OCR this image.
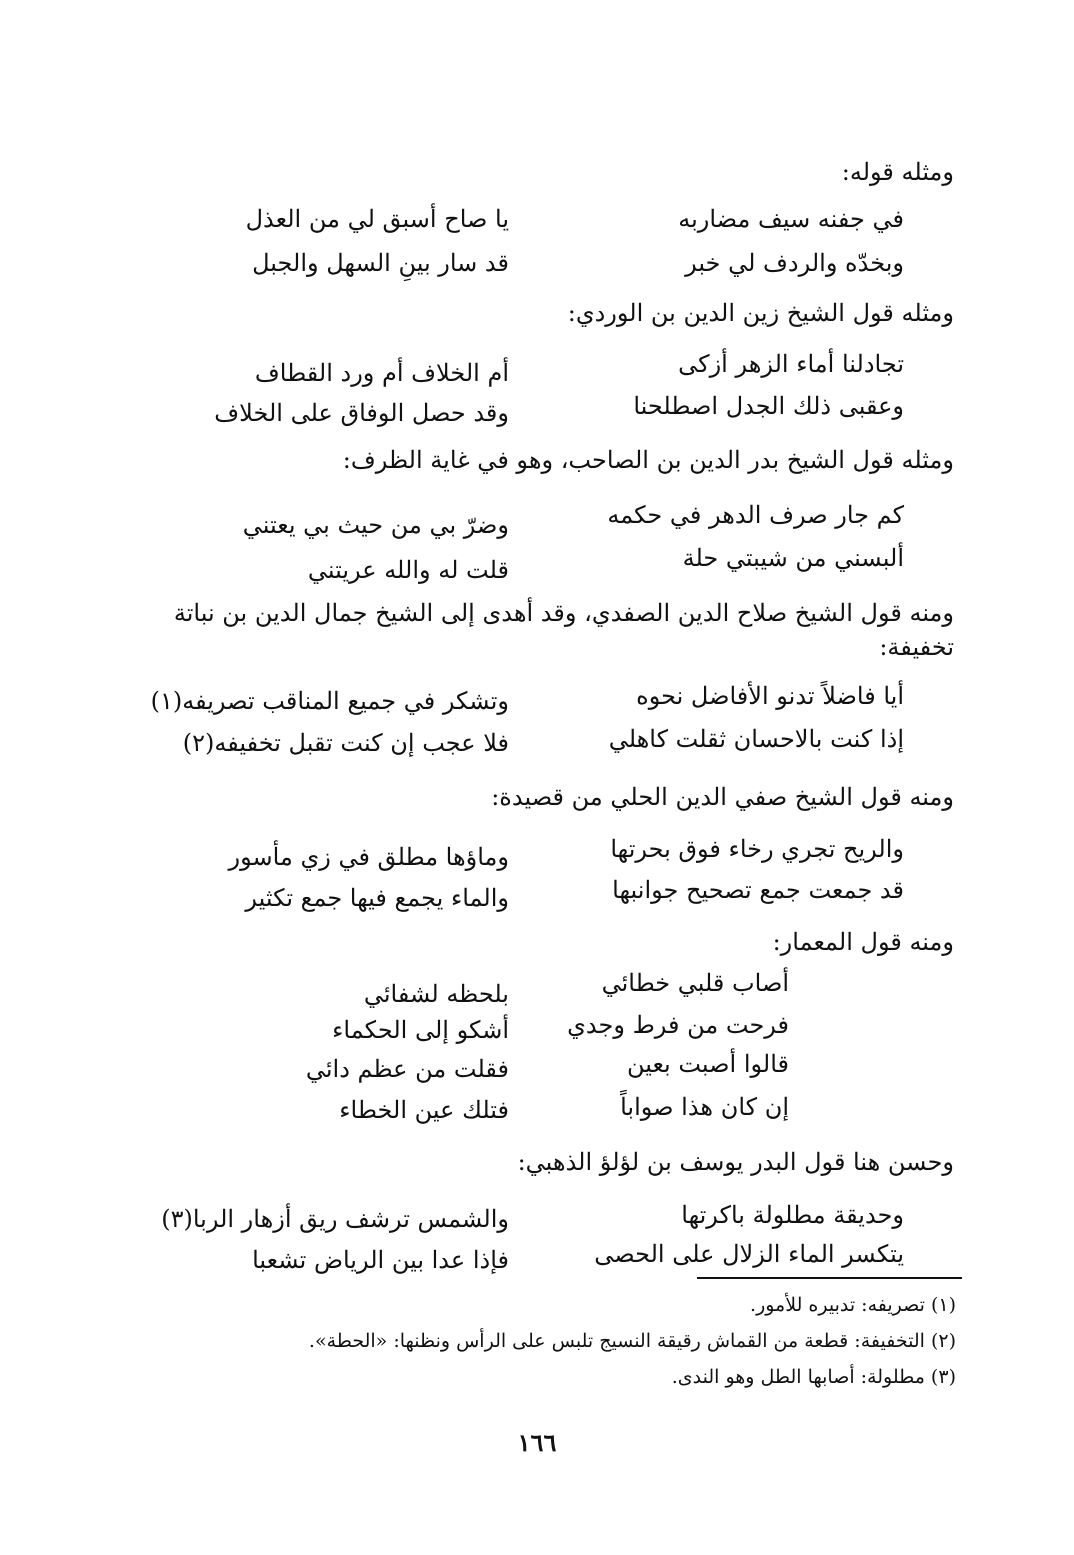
ومثله قوله:
في جفنه سيف مضاربه
يا صاح أسبق لي من العذل
وبخدّه والردف لي خبر
قد سار بينِ السهل والجبل
ومثله قول الشيخ زين الدين بن الوردي:
تجادلنا أماء الزهر أزكى
أم الخلاف أم ورد القطاف
وعقبى ذلك الجدل اصطلحنا
وقد حصل الوفاق على الخلاف
ومثله قول الشيخ بدر الدين بن الصاحب، وهو في غاية الظرف:
كم جار صرف الدهر في حكمه
وضرّ بي من حيث بي يعتني
ألبسني من شيبتي حلة
قلت له والله عريتني
ومنه قول الشيخ صلاح الدين الصفدي، وقد أهدى إلى الشيخ جمال الدين بن نباتة تخفيفة:
أيا فاضلاً تدنو الأفاضل نحوه
وتشكر في جميع المناقب تصريفه(١)
إذا كنت بالاحسان ثقلت كاهلي
فلا عجب إن كنت تقبل تخفيفه(٢)
ومنه قول الشيخ صفي الدين الحلي من قصيدة:
والريح تجري رخاء فوق بحرتها
وماؤها مطلق في زي مأسور
قد جمعت جمع تصحيح جوانبها
والماء يجمع فيها جمع تكثير
ومنه قول المعمار:
أصاب قلبي خطائي
بلحظه لشفائي
فرحت من فرط وجدي
أشكو إلى الحكماء
قالوا أصبت بعين
فقلت من عظم دائي
إن كان هذا صواباً
فتلك عين الخطاء
وحسن هنا قول البدر يوسف بن لؤلؤ الذهبي:
وحديقة مطلولة باكرتها
والشمس ترشف ريق أزهار الربا(٣)
يتكسر الماء الزلال على الحصى
فإذا عدا بين الرياض تشعبا
(١) تصريفه: تدبيره للأمور.
(٢) التخفيفة: قطعة من القماش رقيقة النسيج تلبس على الرأس ونظنها: «الحطة».
(٣) مطلولة: أصابها الطل وهو الندى.
١٦٦
